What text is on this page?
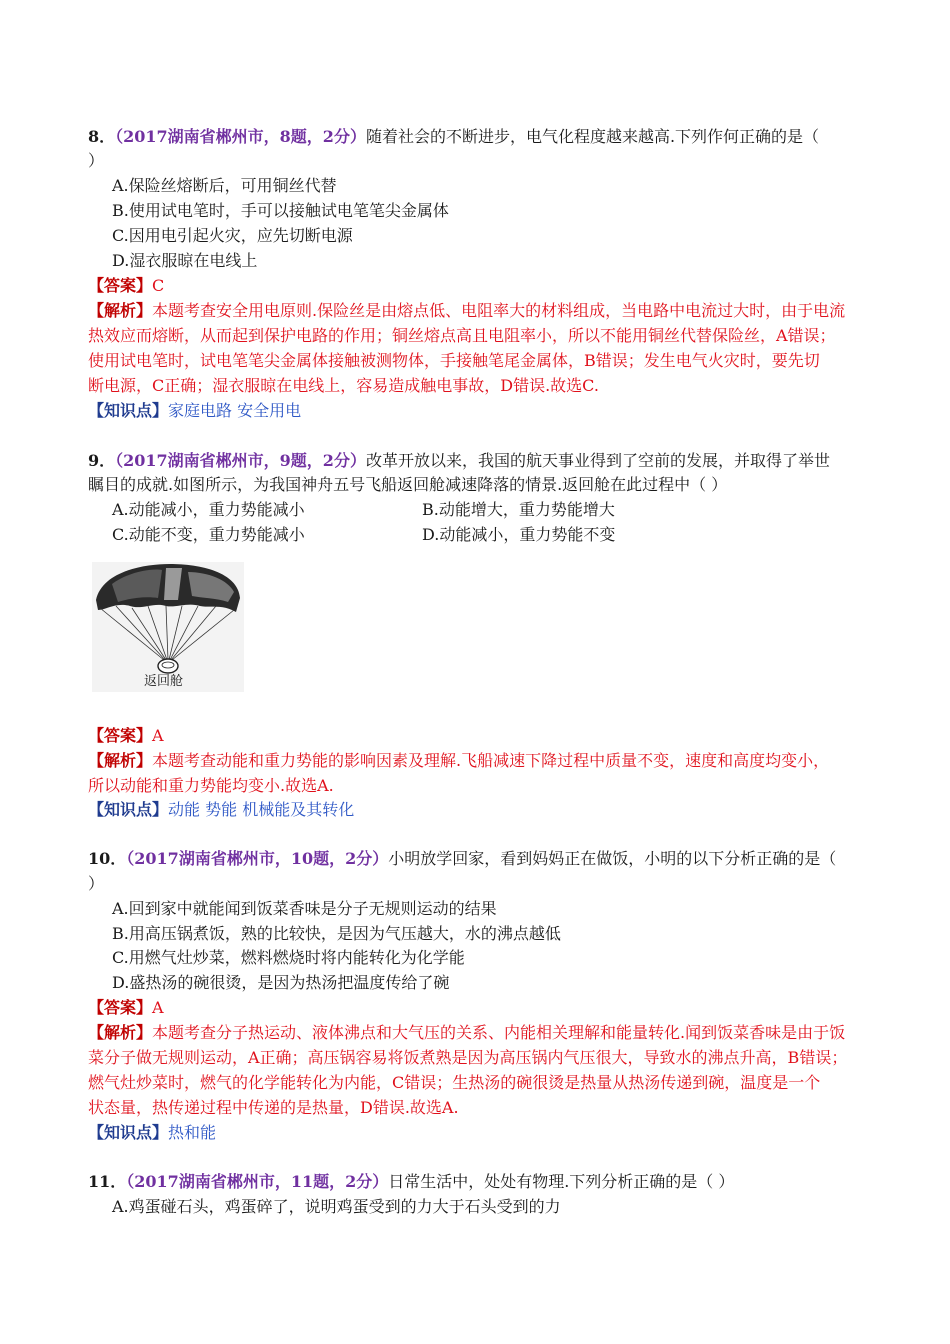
8．（2017湖南省郴州市，8题，2分）随着社会的不断进步，电气化程度越来越高.下列作何正确的是（
）
A.保险丝熔断后，可用铜丝代替
B.使用试电笔时，手可以接触试电笔笔尖金属体
C.因用电引起火灾，应先切断电源
D.湿衣服晾在电线上
【答案】C
【解析】本题考查安全用电原则.保险丝是由熔点低、电阻率大的材料组成，当电路中电流过大时，由于电流
热效应而熔断，从而起到保护电路的作用；铜丝熔点高且电阻率小，所以不能用铜丝代替保险丝，A错误；
使用试电笔时，试电笔笔尖金属体接触被测物体，手接触笔尾金属体，B错误；发生电气火灾时，要先切
断电源，C正确；湿衣服晾在电线上，容易造成触电事故，D错误.故选C.
【知识点】家庭电路 安全用电
9．（2017湖南省郴州市，9题，2分）改革开放以来，我国的航天事业得到了空前的发展，并取得了举世
瞩目的成就.如图所示，为我国神舟五号飞船返回舱减速降落的情景.返回舱在此过程中（ ）
A.动能减小，重力势能减小	B.动能增大，重力势能增大
C.动能不变，重力势能减小	D.动能减小，重力势能不变
返回舱
【答案】A
【解析】本题考查动能和重力势能的影响因素及理解.飞船减速下降过程中质量不变，速度和高度均变小，
所以动能和重力势能均变小.故选A.
【知识点】动能 势能 机械能及其转化
10．（2017湖南省郴州市，10题，2分）小明放学回家，看到妈妈正在做饭，小明的以下分析正确的是（
）
A.回到家中就能闻到饭菜香味是分子无规则运动的结果
B.用高压锅煮饭，熟的比较快，是因为气压越大，水的沸点越低
C.用燃气灶炒菜，燃料燃烧时将内能转化为化学能
D.盛热汤的碗很烫，是因为热汤把温度传给了碗
【答案】A
【解析】本题考查分子热运动、液体沸点和大气压的关系、内能相关理解和能量转化.闻到饭菜香味是由于饭
菜分子做无规则运动，A正确；高压锅容易将饭煮熟是因为高压锅内气压很大，导致水的沸点升高，B错误；
燃气灶炒菜时，燃气的化学能转化为内能，C错误；生热汤的碗很烫是热量从热汤传递到碗，温度是一个
状态量，热传递过程中传递的是热量，D错误.故选A.
【知识点】热和能
11．（2017湖南省郴州市，11题，2分）日常生活中，处处有物理.下列分析正确的是（ ）
A.鸡蛋碰石头，鸡蛋碎了，说明鸡蛋受到的力大于石头受到的力
